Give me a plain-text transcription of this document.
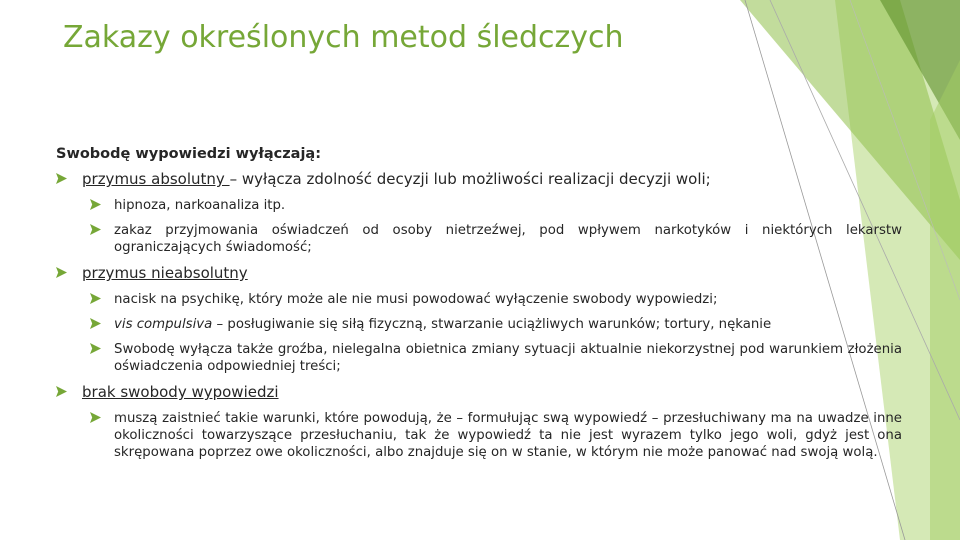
Zakazy określonych metod śledczych
Swobodę wypowiedzi wyłączają:
przymus absolutny – wyłącza zdolność decyzji lub możliwości realizacji decyzji woli;
hipnoza, narkoanaliza itp.
zakaz przyjmowania oświadczeń od osoby nietrzeźwej, pod wpływem narkotyków i niektórych lekarstw ograniczających świadomość;
przymus nieabsolutny
nacisk na psychikę, który może ale nie musi powodować wyłączenie swobody wypowiedzi;
vis compulsiva – posługiwanie się siłą fizyczną, stwarzanie uciążliwych warunków; tortury, nękanie
Swobodę wyłącza także groźba, nielegalna obietnica zmiany sytuacji aktualnie niekorzystnej pod warunkiem złożenia oświadczenia odpowiedniej treści;
brak swobody wypowiedzi
muszą zaistnieć takie warunki, które powodują, że – formułując swą wypowiedź – przesłuchiwany ma na uwadze inne okoliczności towarzyszące przesłuchaniu, tak że wypowiedź ta nie jest wyrazem tylko jego woli, gdyż jest ona skrępowana poprzez owe okoliczności, albo znajduje się on w stanie, w którym nie może panować nad swoją wolą.
